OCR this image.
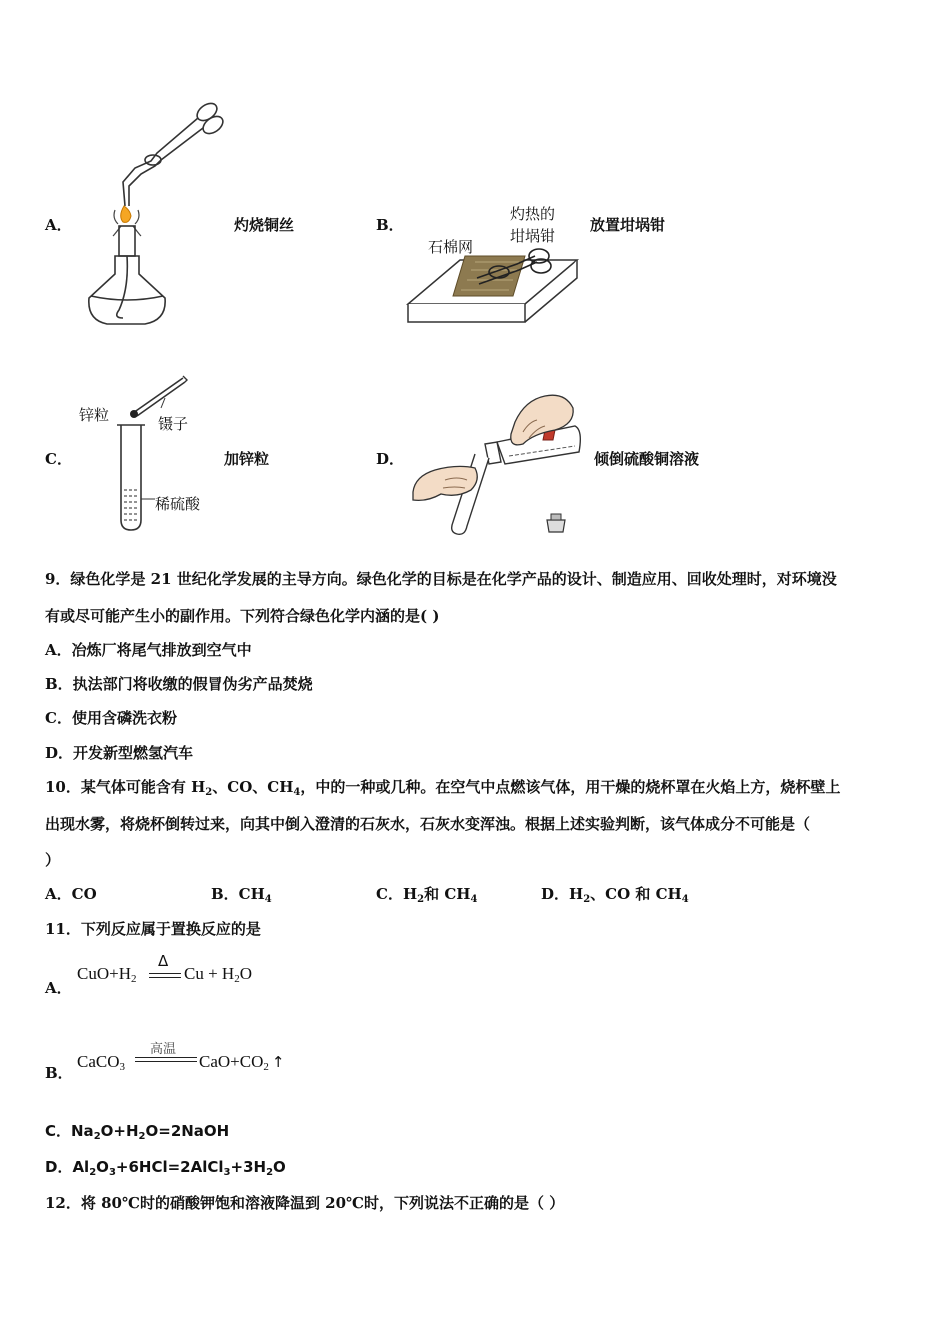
A．	灼烧铜丝	B．
石棉网
灼热的
坩埚钳
放置坩埚钳
C．
锌粒	镊子
稀硫酸
加锌粒	D．	倾倒硫酸铜溶液
9．绿色化学是 21 世纪化学发展的主导方向。绿色化学的目标是在化学产品的设计、制造应用、回收处理时，对环境没
有或尽可能产生小的副作用。下列符合绿色化学内涵的是( )
A．冶炼厂将尾气排放到空气中
B．执法部门将收缴的假冒伪劣产品焚烧
C．使用含磷洗衣粉
D．开发新型燃氢汽车
10．某气体可能含有 $H_2$、CO、$CH_4$，中的一种或几种。在空气中点燃该气体，用干燥的烧杯罩在火焰上方，烧杯壁上
出现水雾，将烧杯倒转过来，向其中倒入澄清的石灰水，石灰水变浑浊。根据上述实验判断，该气体成分不可能是（
）
A．CO	B．$CH_4$	C．$H_2$和 $CH_4$	D．$H_2$、CO 和 $CH_4$
11．下列反应属于置换反应的是
A．
$CuO+H_2$
Δ
$Cu + H_2O$
B．
CaCO$_3$
高温
$CaO+CO_2$ ↑
C．$Na_2O+H_2O=2NaOH$
D．$Al_2O_3+6HCl=2AlCl_3+3H_2O$
12．将 80℃时的硝酸钾饱和溶液降温到 20℃时，下列说法不正确的是（ ）
